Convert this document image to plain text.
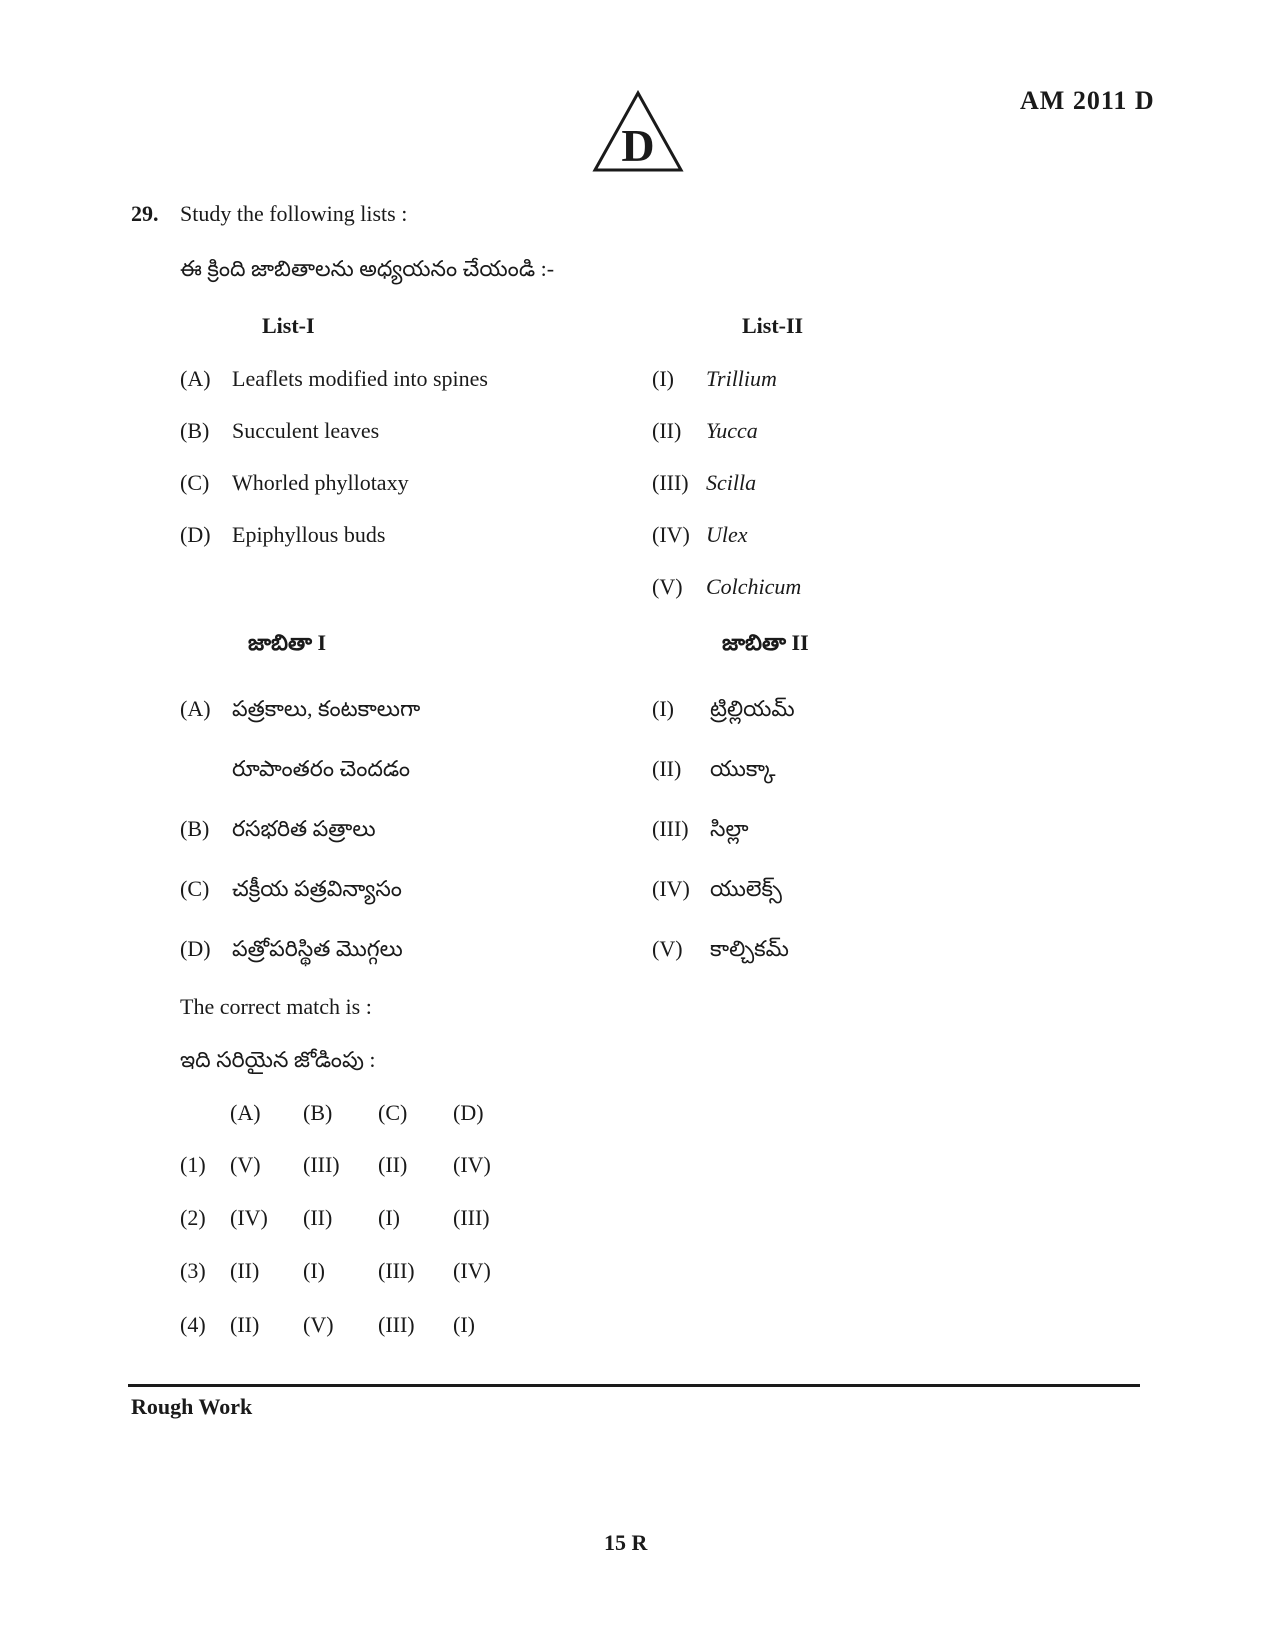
D
AM 2011 D
29. Study the following lists :
ఈ క్రింది జాబితాలను అధ్యయనం చేయండి :-
List-I	List-II
(A) Leaflets modified into spines
(B) Succulent leaves
(C) Whorled phyllotaxy
(D) Epiphyllous buds
(I) Trillium
(II) Yucca
(III) Scilla
(IV) Ulex
(V) Colchicum
జాబితా I	జాబితా II
(A) పత్రకాలు, కంటకాలుగా
రూపాంతరం చెందడం
(B) రసభరిత పత్రాలు
(C) చక్రీయ పత్రవిన్యాసం
(D) పత్రోపరిస్థిత మొగ్గలు
(I) ట్రిల్లియమ్
(II) యుక్కా
(III) సిల్లా
(IV) యులెక్స్
(V) కాల్చికమ్
The correct match is :
ఇది సరియైన జోడింపు :
(A) (B) (C) (D)
(1) (V) (III) (II) (IV)
(2) (IV) (II) (I) (III)
(3) (II) (I) (III) (IV)
(4) (II) (V) (III) (I)
Rough Work
15 R
